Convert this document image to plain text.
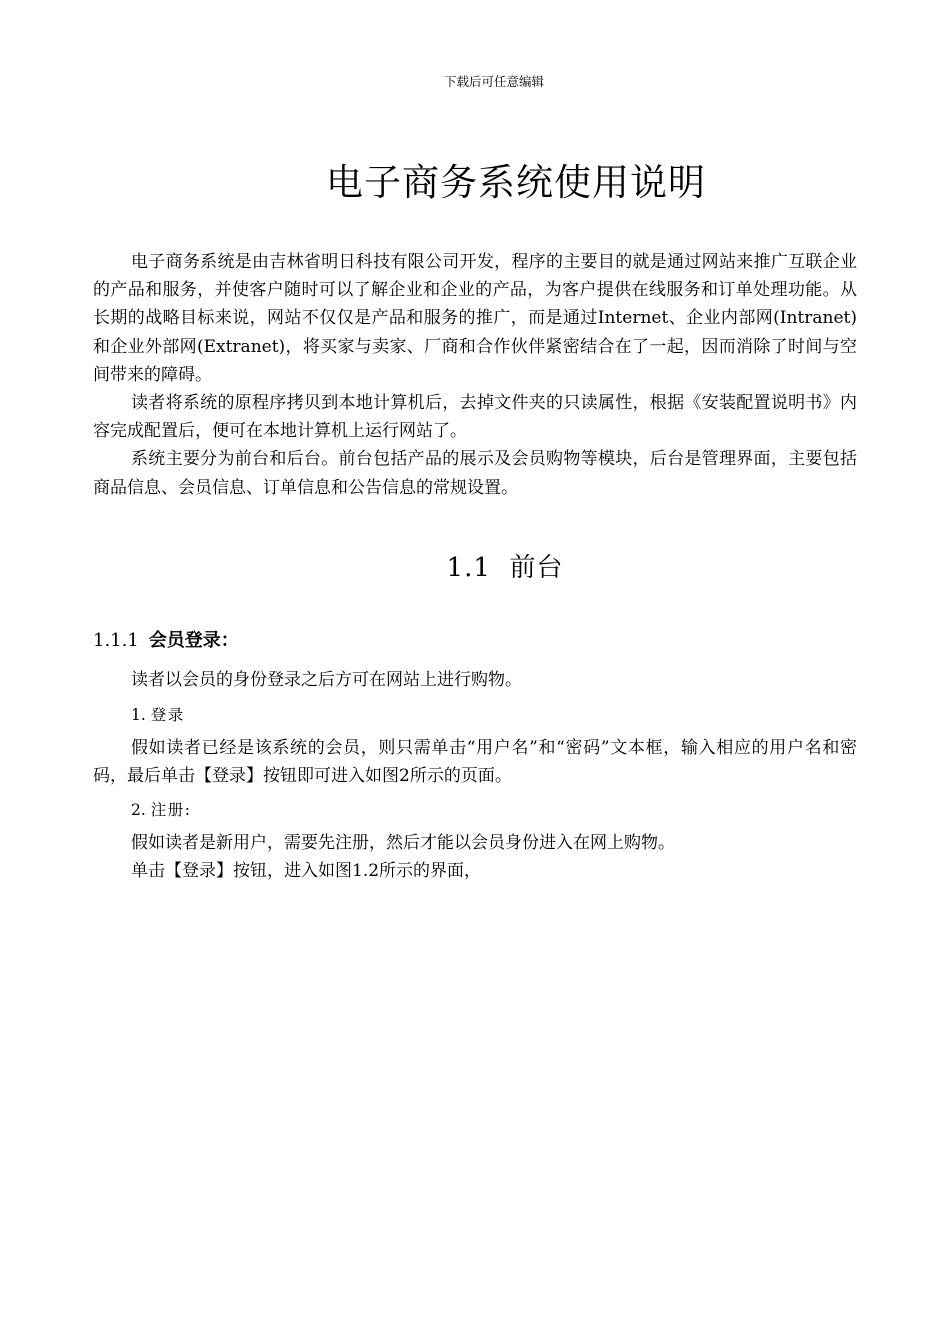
下载后可任意编辑
电子商务系统使用说明

电子商务系统是由吉林省明日科技有限公司开发，程序的主要目的就是通过网站来推广互联企业的产品和服务，并使客户随时可以了解企业和企业的产品，为客户提供在线服务和订单处理功能。从长期的战略目标来说，网站不仅仅是产品和服务的推广，而是通过Internet、企业内部网(Intranet)和企业外部网(Extranet)，将买家与卖家、厂商和合作伙伴紧密结合在了一起，因而消除了时间与空间带来的障碍。

读者将系统的原程序拷贝到本地计算机后，去掉文件夹的只读属性，根据《安装配置说明书》内容完成配置后，便可在本地计算机上运行网站了。

系统主要分为前台和后台。前台包括产品的展示及会员购物等模块，后台是管理界面，主要包括商品信息、会员信息、订单信息和公告信息的常规设置。

1.1 前台
1.1.1 会员登录：

读者以会员的身份登录之后方可在网站上进行购物。

1. 登录

假如读者已经是该系统的会员，则只需单击“用户名”和“密码”文本框，输入相应的用户名和密码，最后单击【登录】按钮即可进入如图2所示的页面。

2. 注册:

假如读者是新用户，需要先注册，然后才能以会员身份进入在网上购物。

单击【登录】按钮，进入如图1.2所示的界面，
